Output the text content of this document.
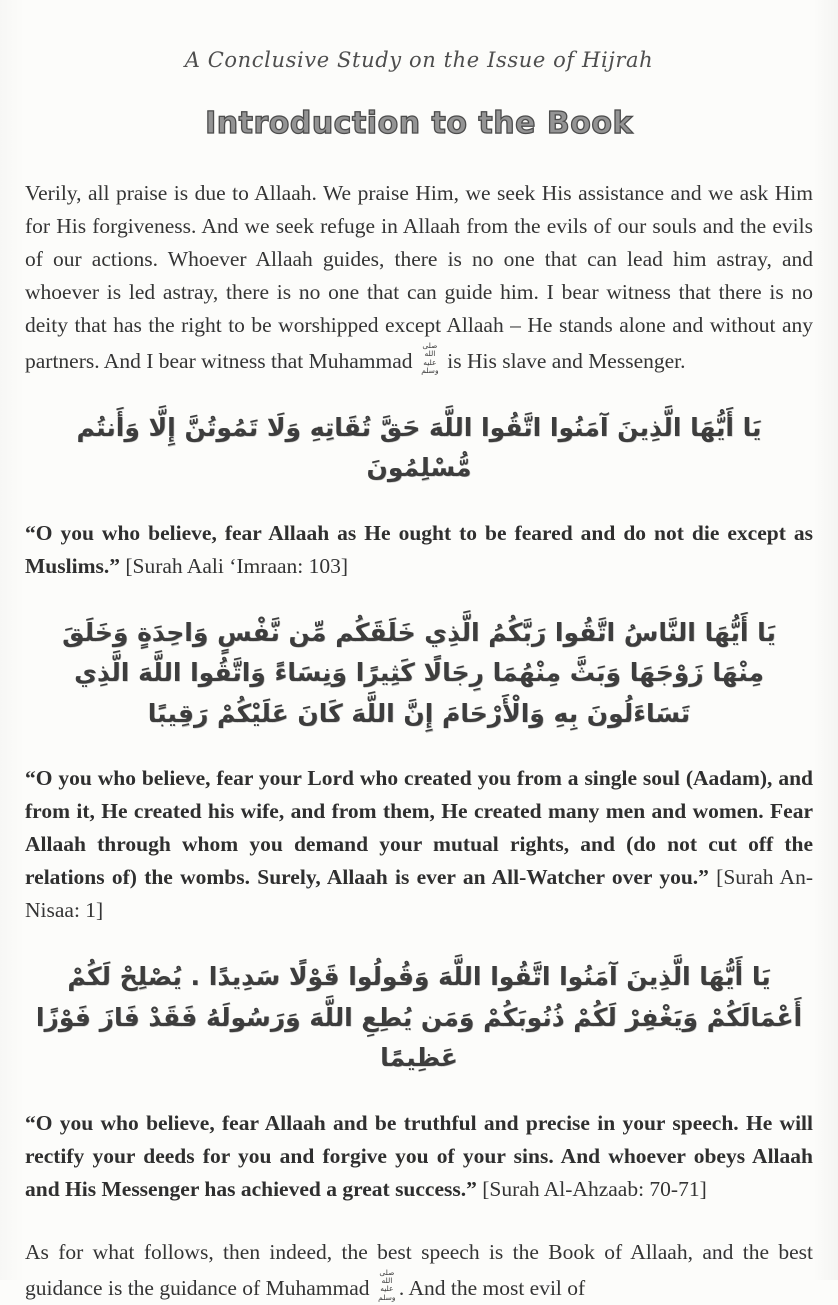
A Conclusive Study on the Issue of Hijrah
Introduction to the Book

Verily, all praise is due to Allaah. We praise Him, we seek His assistance and we ask Him for His forgiveness. And we seek refuge in Allaah from the evils of our souls and the evils of our actions. Whoever Allaah guides, there is no one that can lead him astray, and whoever is led astray, there is no one that can guide him. I bear witness that there is no deity that has the right to be worshipped except Allaah – He stands alone and without any partners. And I bear witness that Muhammad صلى الله عليه وسلم is His slave and Messenger.

يَا أَيُّهَا الَّذِينَ آمَنُوا اتَّقُوا اللَّهَ حَقَّ تُقَاتِهِ وَلَا تَمُوتُنَّ إِلَّا وَأَنتُم مُّسْلِمُونَ

“O you who believe, fear Allaah as He ought to be feared and do not die except as Muslims.” [Surah Aali ‘Imraan: 103]

يَا أَيُّهَا النَّاسُ اتَّقُوا رَبَّكُمُ الَّذِي خَلَقَكُم مِّن نَّفْسٍ وَاحِدَةٍ وَخَلَقَ مِنْهَا زَوْجَهَا وَبَثَّ مِنْهُمَا رِجَالًا كَثِيرًا وَنِسَاءً وَاتَّقُوا اللَّهَ الَّذِي تَسَاءَلُونَ بِهِ وَالْأَرْحَامَ إِنَّ اللَّهَ كَانَ عَلَيْكُمْ رَقِيبًا

“O you who believe, fear your Lord who created you from a single soul (Aadam), and from it, He created his wife, and from them, He created many men and women. Fear Allaah through whom you demand your mutual rights, and (do not cut off the relations of) the wombs. Surely, Allaah is ever an All-Watcher over you.” [Surah An-Nisaa: 1]

يَا أَيُّهَا الَّذِينَ آمَنُوا اتَّقُوا اللَّهَ وَقُولُوا قَوْلًا سَدِيدًا . يُصْلِحْ لَكُمْ أَعْمَالَكُمْ وَيَغْفِرْ لَكُمْ ذُنُوبَكُمْ وَمَن يُطِعِ اللَّهَ وَرَسُولَهُ فَقَدْ فَازَ فَوْزًا عَظِيمًا

“O you who believe, fear Allaah and be truthful and precise in your speech. He will rectify your deeds for you and forgive you of your sins. And whoever obeys Allaah and His Messenger has achieved a great success.” [Surah Al-Ahzaab: 70-71]

As for what follows, then indeed, the best speech is the Book of Allaah, and the best guidance is the guidance of Muhammad صلى الله عليه وسلم . And the most evil of
